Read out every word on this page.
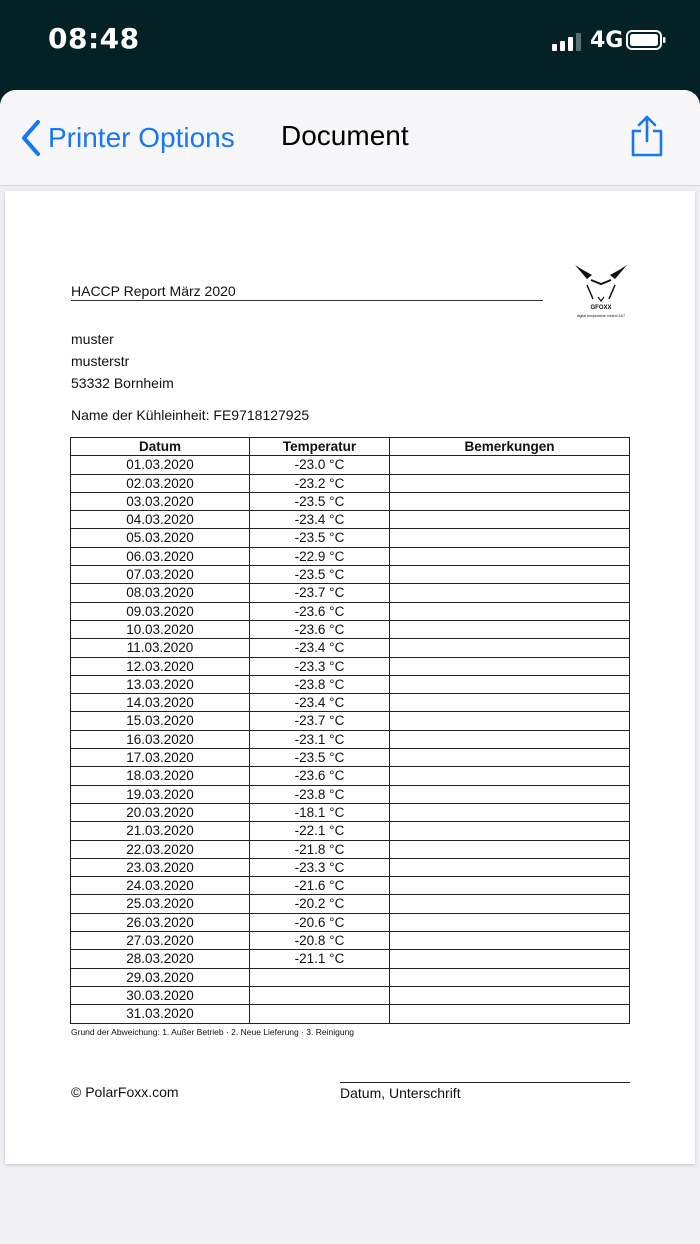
08:48	4G
Printer Options Document
HACCP Report März 2020
GFOXX
digital temperature control 24/7
muster
musterstr
53332 Bornheim
Name der Kühleinheit: FE9718127925
Datum	Temperatur	Bemerkungen
01.03.2020	-23.0 °C	
02.03.2020	-23.2 °C	
03.03.2020	-23.5 °C	
04.03.2020	-23.4 °C	
05.03.2020	-23.5 °C	
06.03.2020	-22.9 °C	
07.03.2020	-23.5 °C	
08.03.2020	-23.7 °C	
09.03.2020	-23.6 °C	
10.03.2020	-23.6 °C	
11.03.2020	-23.4 °C	
12.03.2020	-23.3 °C	
13.03.2020	-23.8 °C	
14.03.2020	-23.4 °C	
15.03.2020	-23.7 °C	
16.03.2020	-23.1 °C	
17.03.2020	-23.5 °C	
18.03.2020	-23.6 °C	
19.03.2020	-23.8 °C	
20.03.2020	-18.1 °C	
21.03.2020	-22.1 °C	
22.03.2020	-21.8 °C	
23.03.2020	-23.3 °C	
24.03.2020	-21.6 °C	
25.03.2020	-20.2 °C	
26.03.2020	-20.6 °C	
27.03.2020	-20.8 °C	
28.03.2020	-21.1 °C	
29.03.2020		
30.03.2020		
31.03.2020		
Grund der Abweichung: 1. Außer Betrieb · 2. Neue Lieferung · 3. Reinigung
© PolarFoxx.com	Datum, Unterschrift
